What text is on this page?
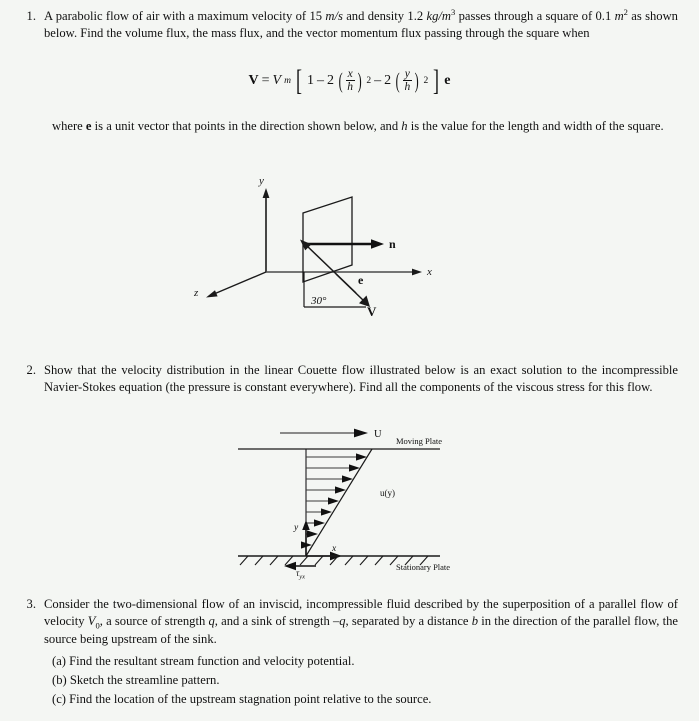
1. A parabolic flow of air with a maximum velocity of 15 m/s and density 1.2 $kg/m^3$ passes through a square of 0.1 $m^2$ as shown below. Find the volume flux, the mass flux, and the vector momentum flux passing through the square when
V = V m [ 1 – 2 ( $\frac{x}{h}$ ) 2 – 2 ( $\frac{y}{h}$ ) 2 ] e
where e is a unit vector that points in the direction shown below, and h is the value for the length and width of the square.
y
x
z
n
e
V
30°
2. Show that the velocity distribution in the linear Couette flow illustrated below is an exact solution to the incompressible Navier-Stokes equation (the pressure is constant everywhere). Find all the components of the viscous stress for this flow.
U
Moving Plate
u(y)
y
x
Stationary Plate
$\tau_{yx}$
3. Consider the two-dimensional flow of an inviscid, incompressible fluid described by the superposition of a parallel flow of velocity $V_0$, a source of strength q, and a sink of strength –q, separated by a distance b in the direction of the parallel flow, the source being upstream of the sink.
(a) Find the resultant stream function and velocity potential.
(b) Sketch the streamline pattern.
(c) Find the location of the upstream stagnation point relative to the source.
